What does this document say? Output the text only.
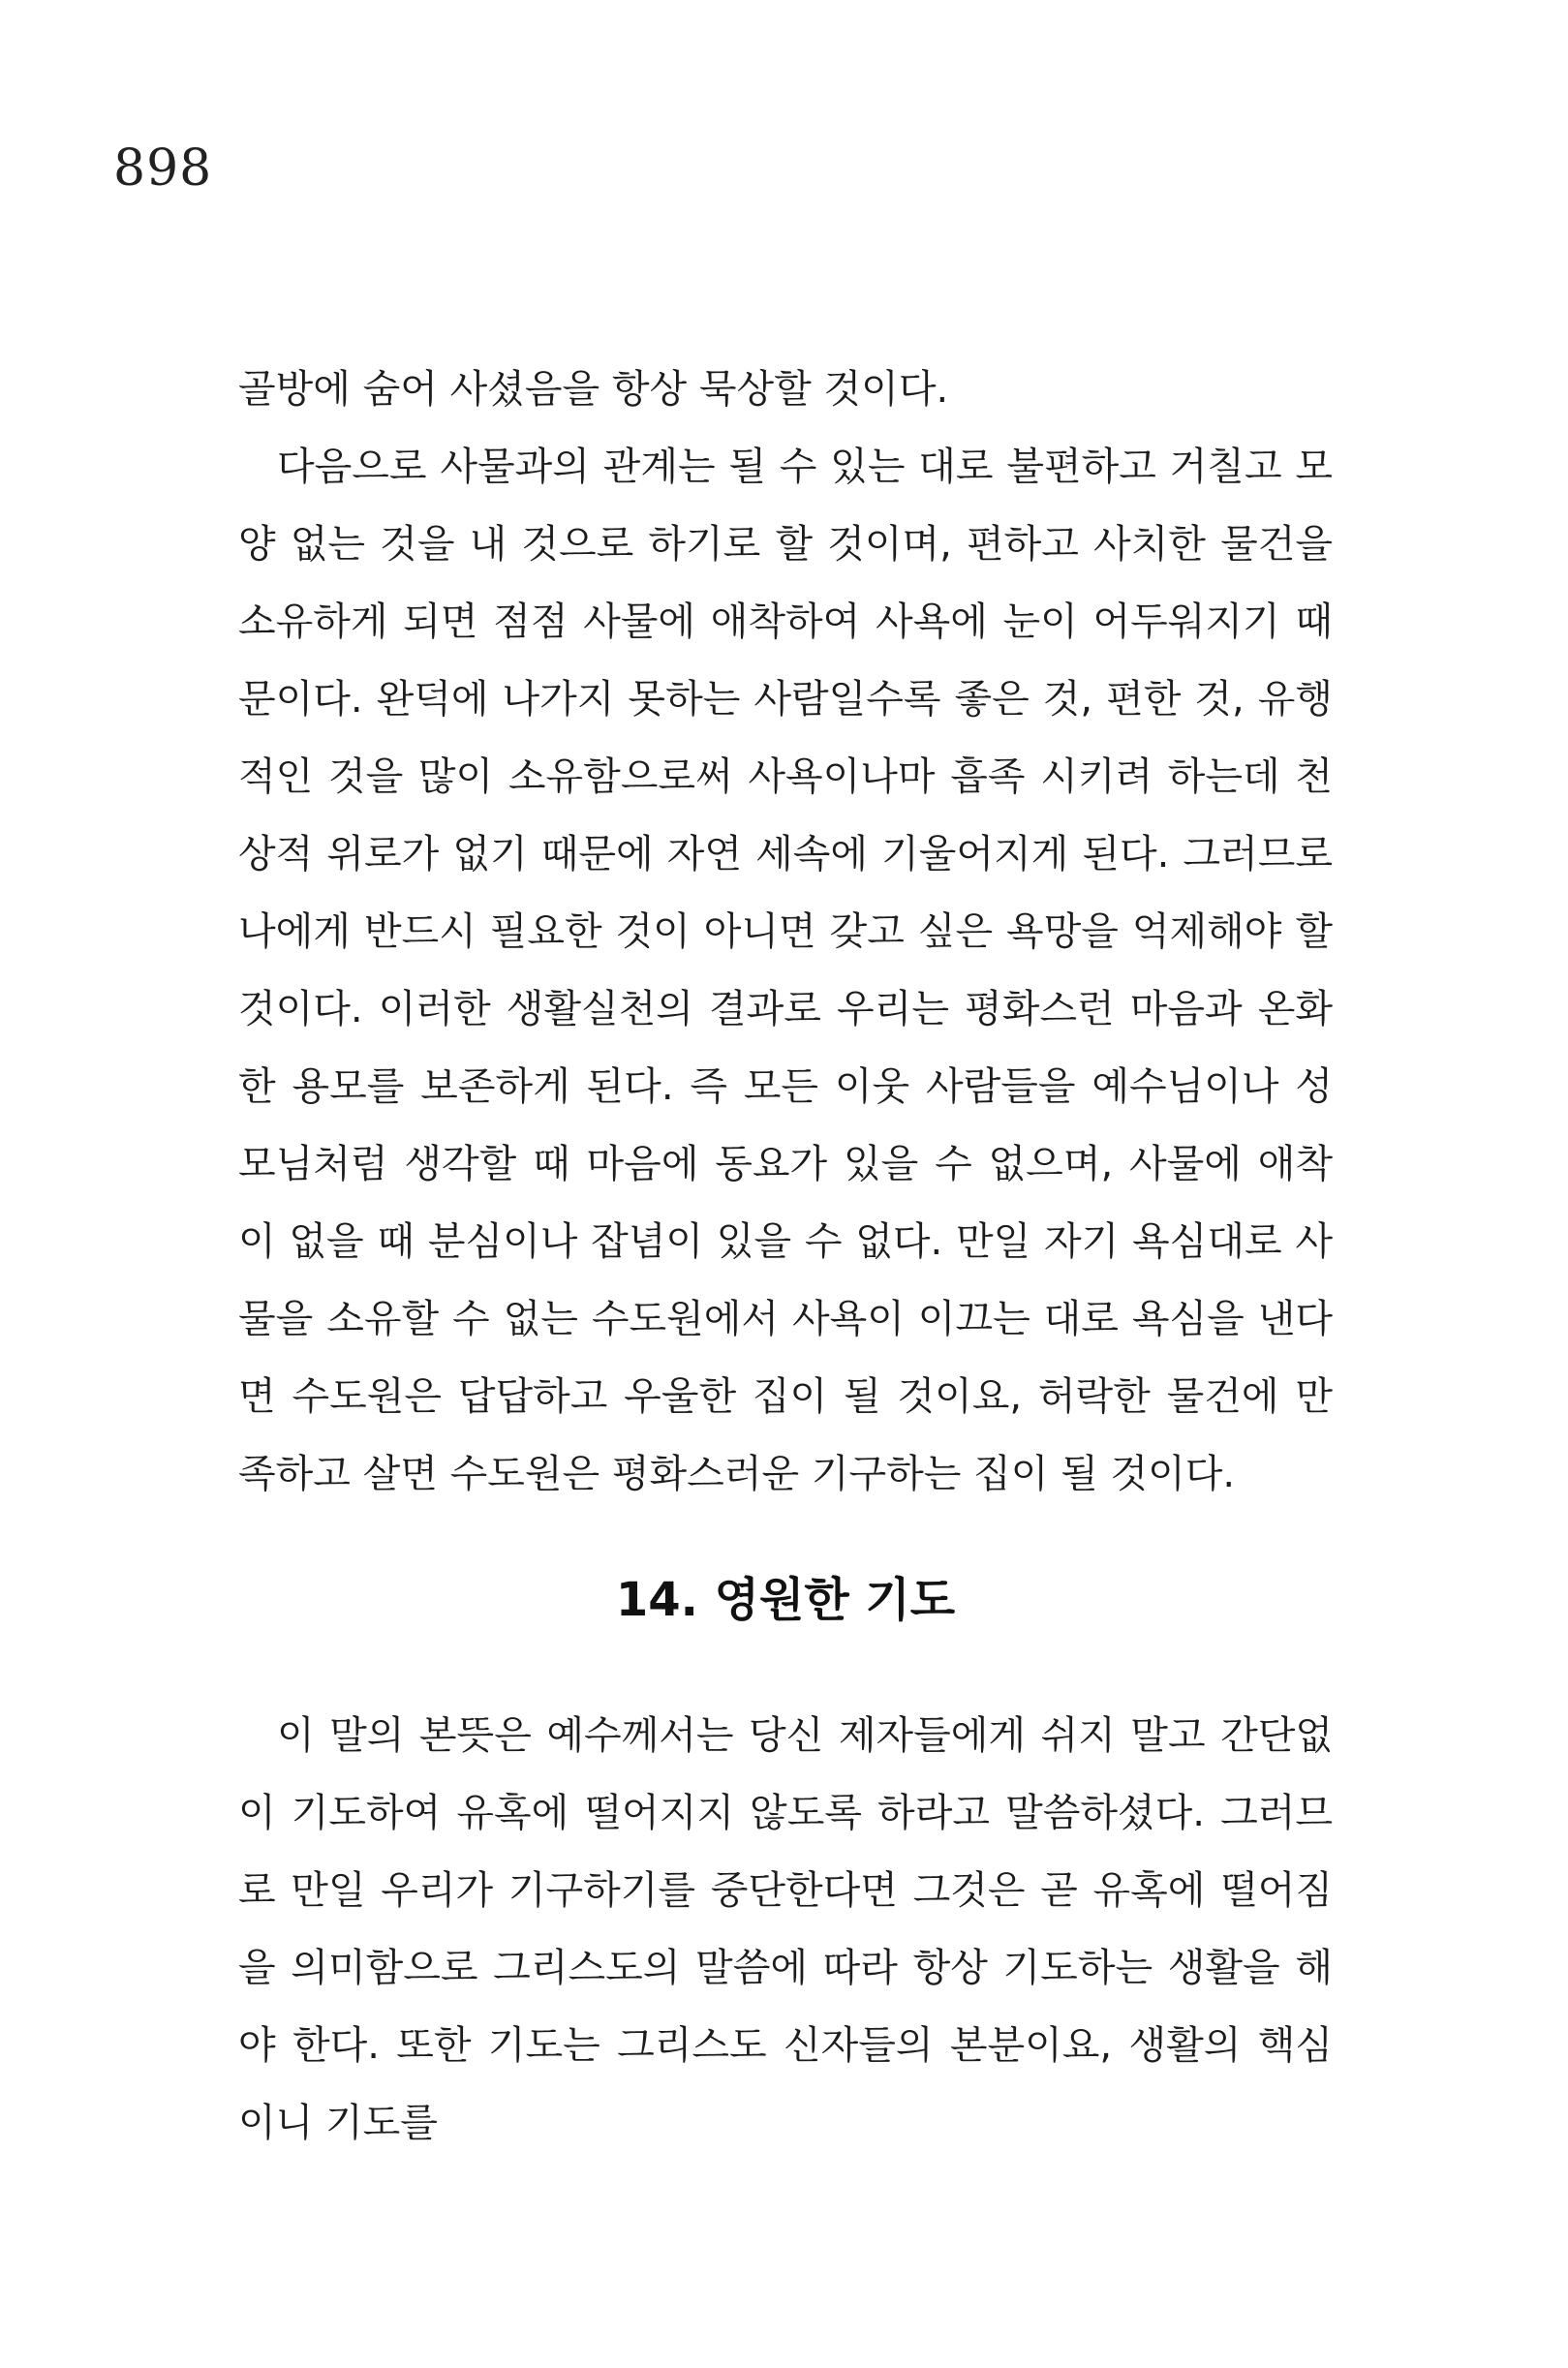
898

골방에 숨어 사셨음을 항상 묵상할 것이다.

다음으로 사물과의 관계는 될 수 있는 대로 불편하고 거칠고 모양 없는 것을 내 것으로 하기로 할 것이며, 편하고 사치한 물건을 소유하게 되면 점점 사물에 애착하여 사욕에 눈이 어두워지기 때문이다. 완덕에 나가지 못하는 사람일수록 좋은 것, 편한 것, 유행적인 것을 많이 소유함으로써 사욕이나마 흡족 시키려 하는데 천상적 위로가 없기 때문에 자연 세속에 기울어지게 된다. 그러므로 나에게 반드시 필요한 것이 아니면 갖고 싶은 욕망을 억제해야 할 것이다. 이러한 생활실천의 결과로 우리는 평화스런 마음과 온화한 용모를 보존하게 된다. 즉 모든 이웃 사람들을 예수님이나 성모님처럼 생각할 때 마음에 동요가 있을 수 없으며, 사물에 애착이 없을 때 분심이나 잡념이 있을 수 없다. 만일 자기 욕심대로 사물을 소유할 수 없는 수도원에서 사욕이 이끄는 대로 욕심을 낸다면 수도원은 답답하고 우울한 집이 될 것이요, 허락한 물건에 만족하고 살면 수도원은 평화스러운 기구하는 집이 될 것이다.

14. 영원한 기도

이 말의 본뜻은 예수께서는 당신 제자들에게 쉬지 말고 간단없이 기도하여 유혹에 떨어지지 않도록 하라고 말씀하셨다. 그러므로 만일 우리가 기구하기를 중단한다면 그것은 곧 유혹에 떨어짐을 의미함으로 그리스도의 말씀에 따라 항상 기도하는 생활을 해야 한다. 또한 기도는 그리스도 신자들의 본분이요, 생활의 핵심이니 기도를
